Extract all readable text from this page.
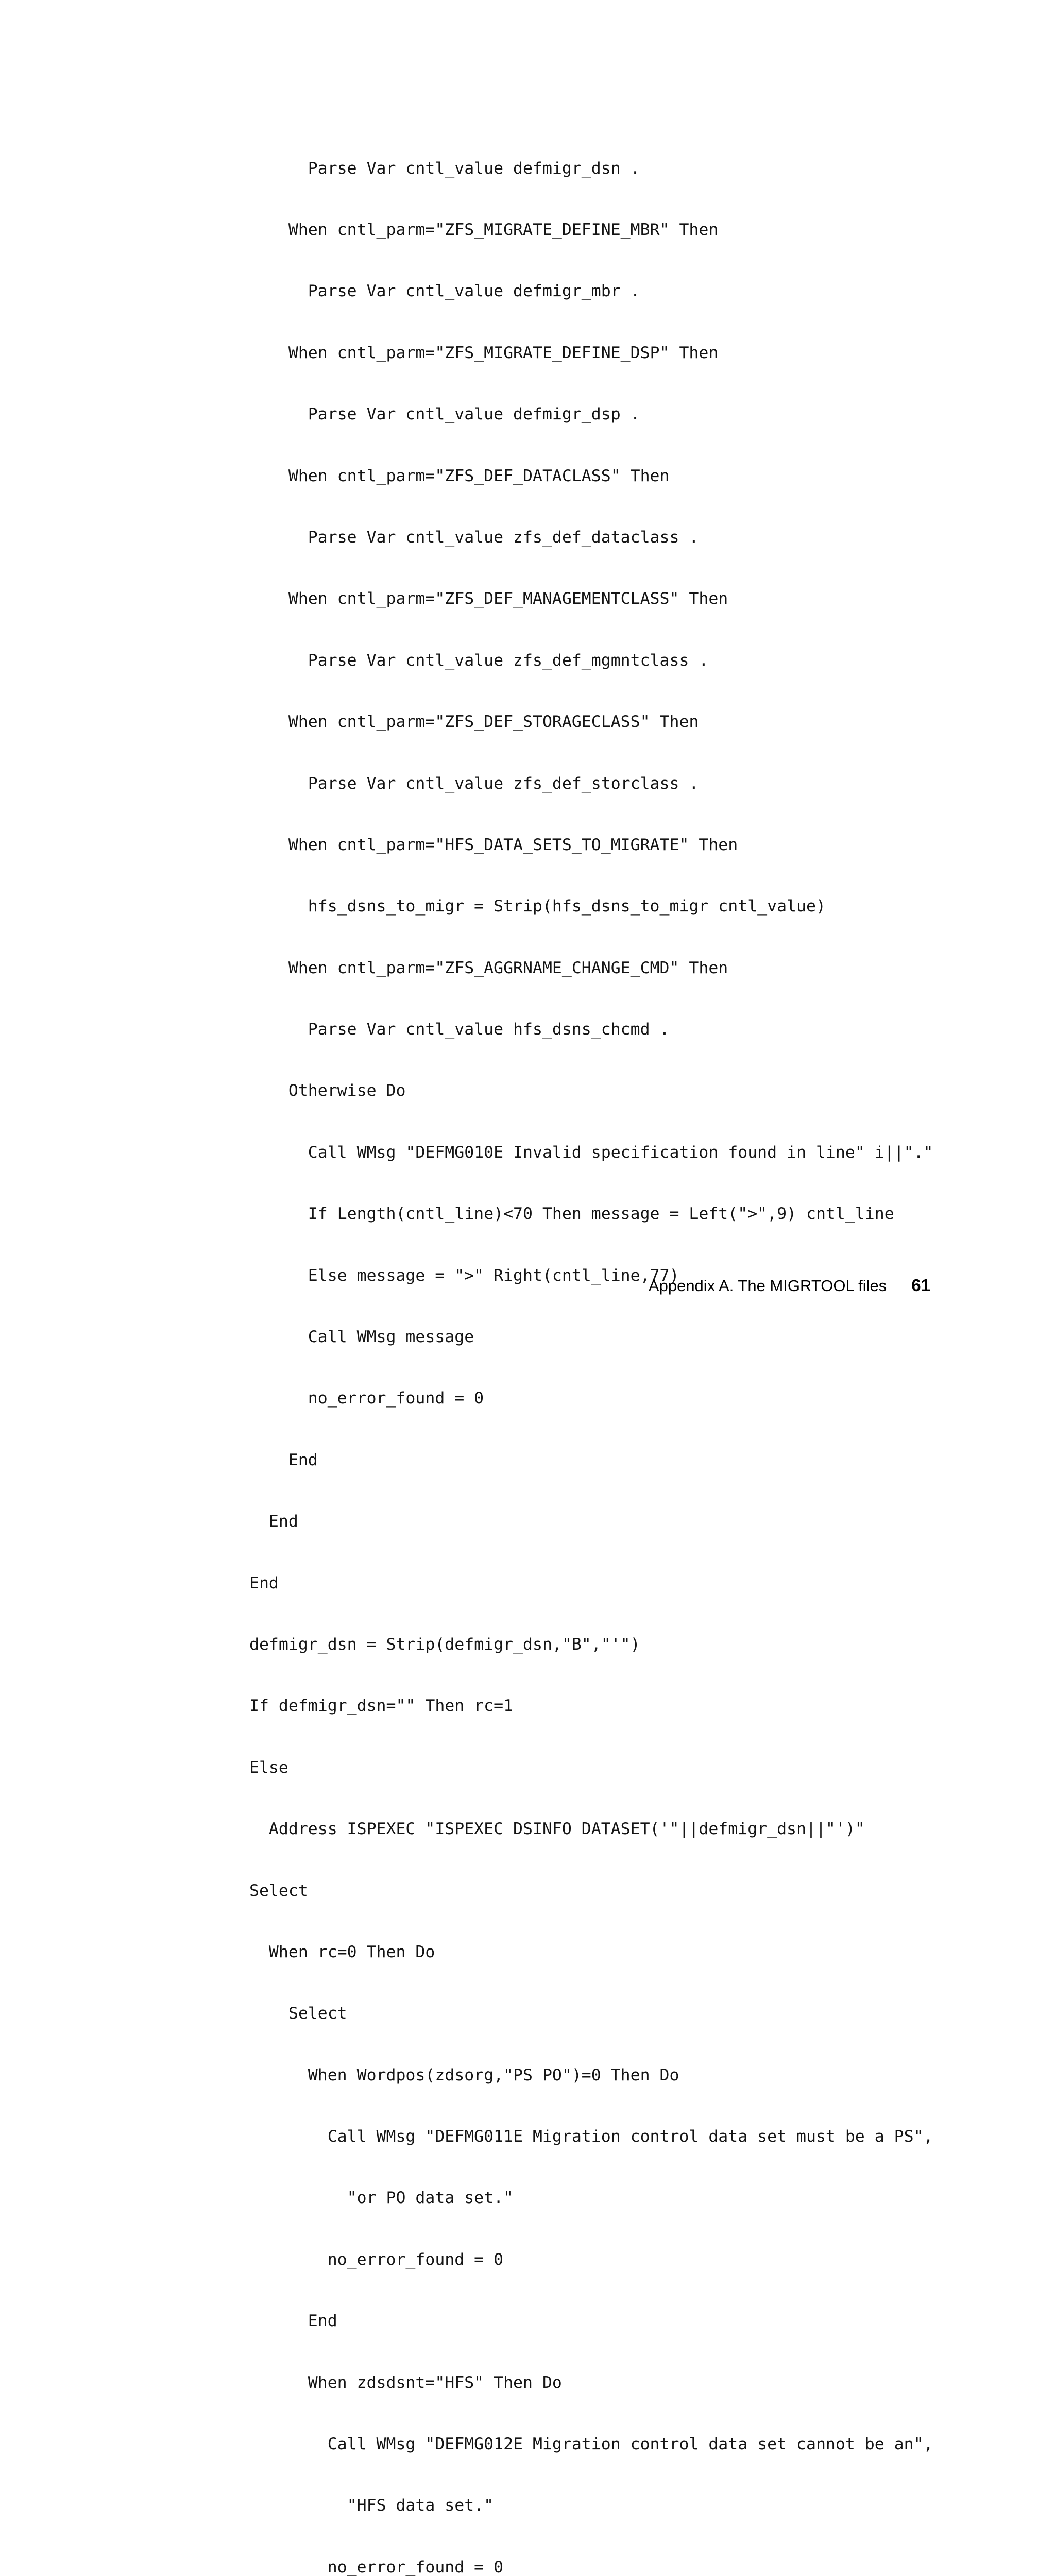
Parse Var cntl_value defmigr_dsn .

When cntl_parm="ZFS_MIGRATE_DEFINE_MBR" Then

Parse Var cntl_value defmigr_mbr .

When cntl_parm="ZFS_MIGRATE_DEFINE_DSP" Then

Parse Var cntl_value defmigr_dsp .

When cntl_parm="ZFS_DEF_DATACLASS" Then

Parse Var cntl_value zfs_def_dataclass .

When cntl_parm="ZFS_DEF_MANAGEMENTCLASS" Then

Parse Var cntl_value zfs_def_mgmntclass .

When cntl_parm="ZFS_DEF_STORAGECLASS" Then

Parse Var cntl_value zfs_def_storclass .

When cntl_parm="HFS_DATA_SETS_TO_MIGRATE" Then

hfs_dsns_to_migr = Strip(hfs_dsns_to_migr cntl_value)

When cntl_parm="ZFS_AGGRNAME_CHANGE_CMD" Then

Parse Var cntl_value hfs_dsns_chcmd .

Otherwise Do

Call WMsg "DEFMG010E Invalid specification found in line" i||"."

If Length(cntl_line)<70 Then message = Left(">",9) cntl_line

Else message = ">" Right(cntl_line,77)

Call WMsg message

no_error_found = 0

End

End

End

defmigr_dsn = Strip(defmigr_dsn,"B","'")

If defmigr_dsn="" Then rc=1

Else

Address ISPEXEC "ISPEXEC DSINFO DATASET('"||defmigr_dsn||"')"

Select

When rc=0 Then Do

Select

When Wordpos(zdsorg,"PS PO")=0 Then Do

Call WMsg "DEFMG011E Migration control data set must be a PS",

"or PO data set."

no_error_found = 0

End

When zdsdsnt="HFS" Then Do

Call WMsg "DEFMG012E Migration control data set cannot be an",

"HFS data set."

no_error_found = 0

Appendix A. The MIGRTOOL files 61
